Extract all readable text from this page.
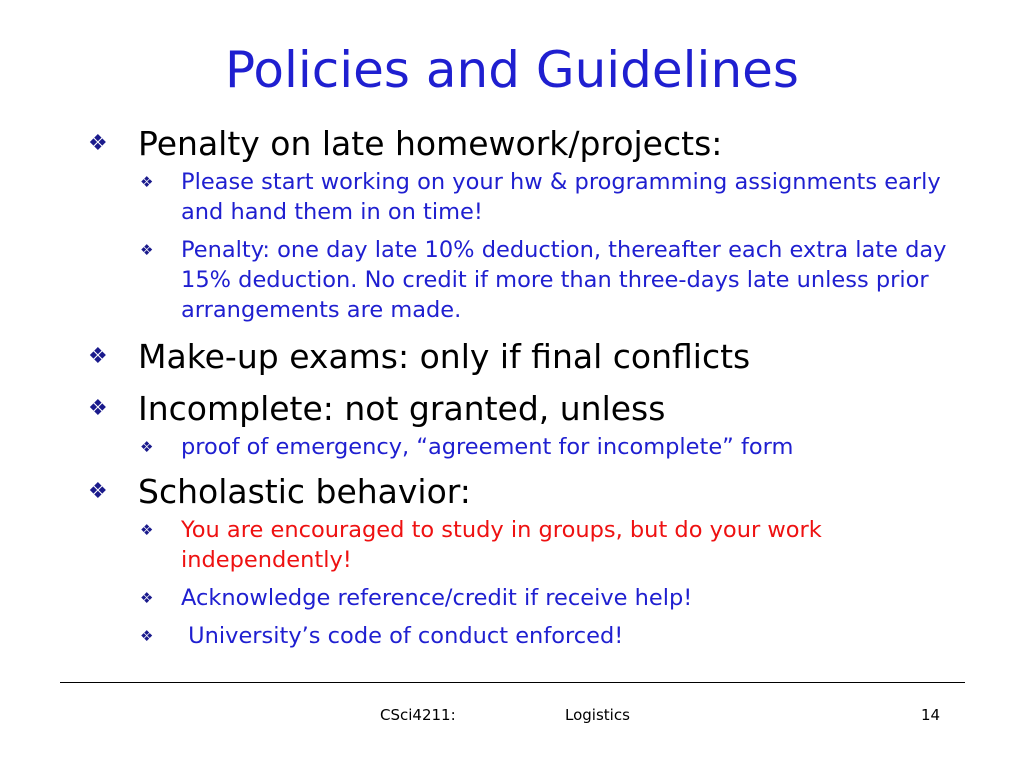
Policies and Guidelines
❖ Penalty on late homework/projects:
❖ Please start working on your hw & programming assignments early and hand them in on time!
❖ Penalty: one day late 10% deduction, thereafter each extra late day 15% deduction. No credit if more than three-days late unless prior arrangements are made.
❖ Make-up exams: only if final conflicts
❖ Incomplete: not granted, unless
❖ proof of emergency, “agreement for incomplete” form
❖ Scholastic behavior:
❖ You are encouraged to study in groups, but do your work independently!
❖ Acknowledge reference/credit if receive help!
❖ University’s code of conduct enforced!
CSci4211:	Logistics	14
